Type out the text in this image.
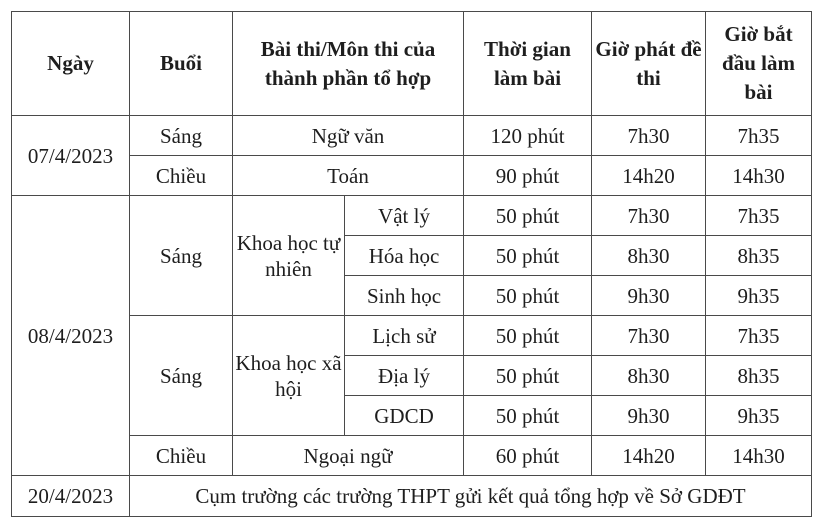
Ngày	Buổi	Bài thi/Môn thi của thành phần tổ hợp		Thời gian làm bài	Giờ phát đề thi	Giờ bắt đầu làm bài
07/4/2023	Sáng	Ngữ văn		120 phút	7h30	7h35
	Chiều	Toán		90 phút	14h20	14h30
08/4/2023	Sáng	Khoa học tự nhiên	Vật lý	50 phút	7h30	7h35
			Hóa học	50 phút	8h30	8h35
			Sinh học	50 phút	9h30	9h35
	Sáng	Khoa học xã hội	Lịch sử	50 phút	7h30	7h35
			Địa lý	50 phút	8h30	8h35
			GDCD	50 phút	9h30	9h35
	Chiều	Ngoại ngữ		60 phút	14h20	14h30
20/4/2023	Cụm trường các trường THPT gửi kết quả tổng hợp về Sở GDĐT					
